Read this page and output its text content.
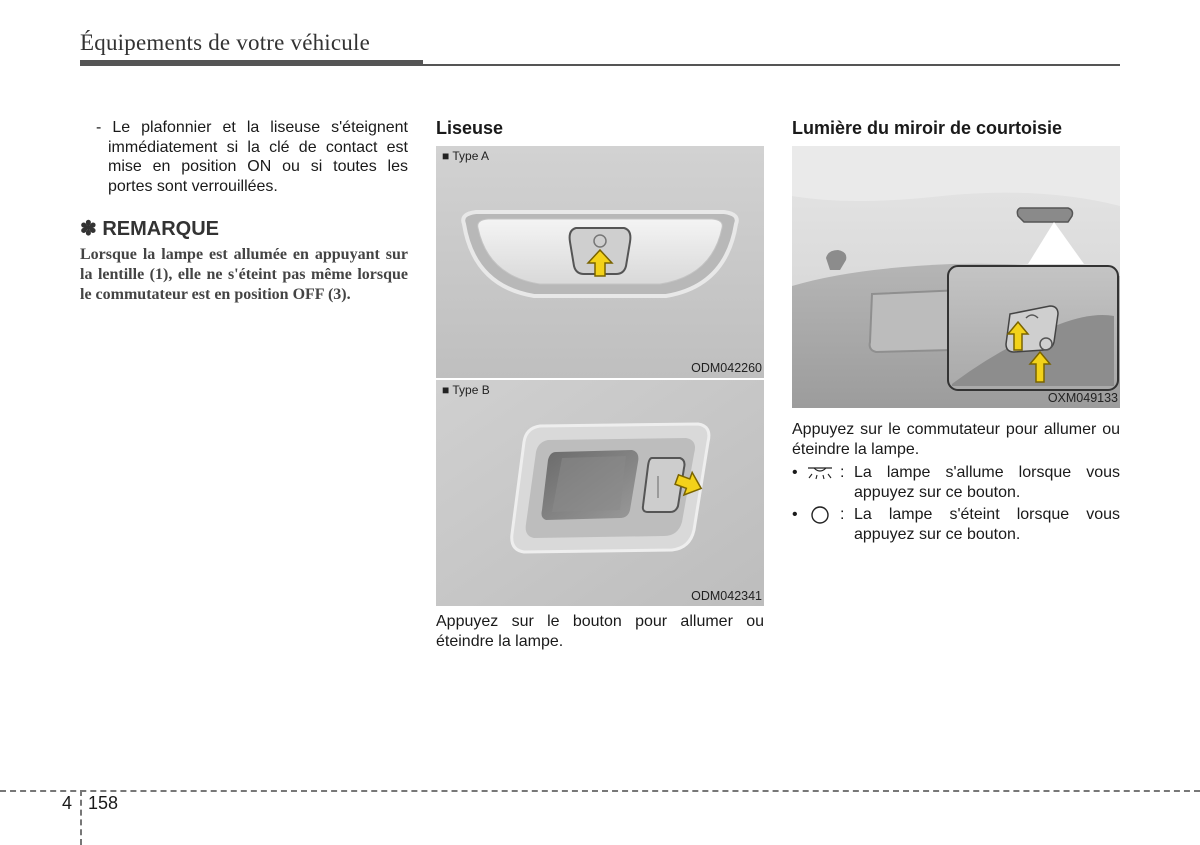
Équipements de votre véhicule
- Le plafonnier et la liseuse s'éteignent immédiatement si la clé de contact est mise en position ON ou si toutes les portes sont verrouillées.
✽ REMARQUE
Lorsque la lampe est allumée en appuyant sur la lentille (1), elle ne s'éteint pas même lorsque le commutateur est en position OFF (3).
Liseuse
■ Type A
ODM042260
■ Type B
ODM042341
Appuyez sur le bouton pour allumer ou éteindre la lampe.
Lumière du miroir de courtoisie
OXM049133
Appuyez sur le commutateur pour allumer ou éteindre la lampe.
•	: La lampe s'allume lorsque vous appuyez sur ce bouton.
•	: La lampe s'éteint lorsque vous appuyez sur ce bouton.
4 158
